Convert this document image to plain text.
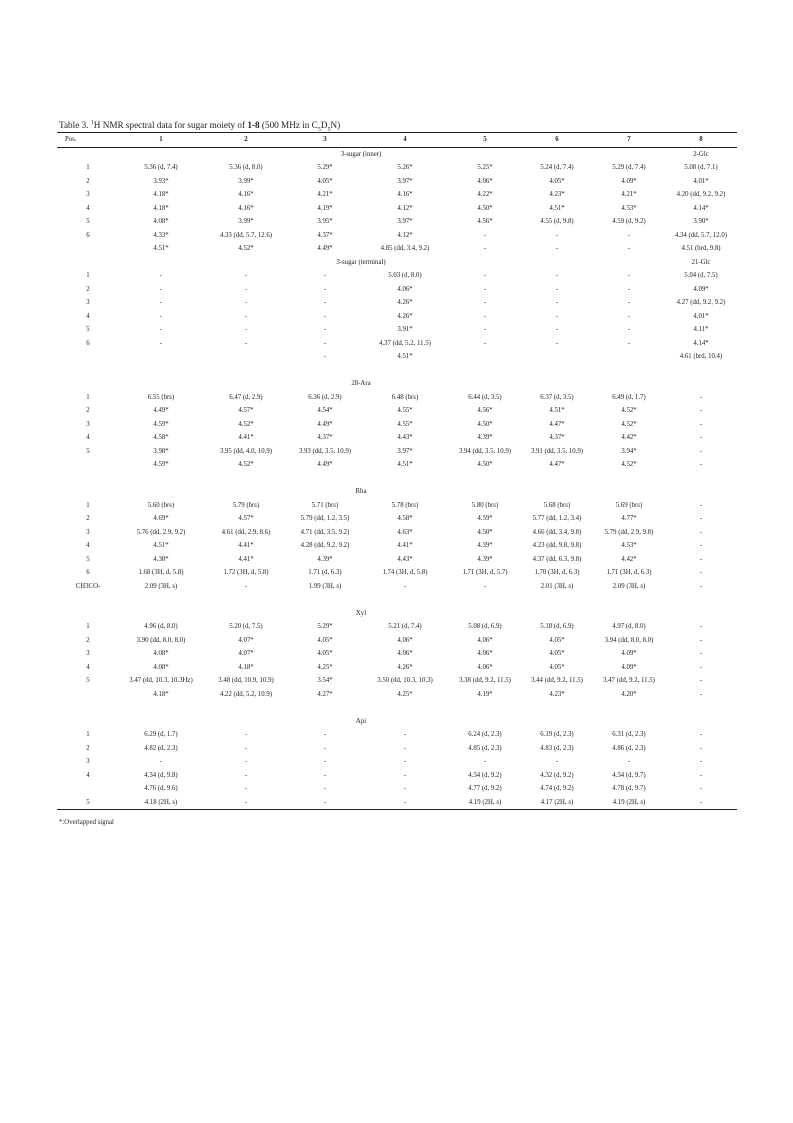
Table 3. $^1$H NMR spectral data for sugar moiety of 1-8 (500 MHz in $C_5D_5N$)
Pos.	1	2	3	4	5	6	7	8
3-sugar (inner)								2-Glc
1	5.36 (d, 7.4)	5.36 (d, 8.0)	5.29*	5.26*	5.25*	5.24 (d, 7.4)	5.29 (d, 7.4)	5.08 (d, 7.1)
2	3.93*	3.99*	4.05*	3.97*	4.06*	4.05*	4.09*	4.01*
3	4.18*	4.16*	4.21*	4.16*	4.22*	4.23*	4.21*	4.20 (dd, 9.2, 9.2)
4	4.18*	4.16*	4.19*	4.12*	4.50*	4.51*	4.53*	4.14*
5	4.08*	3.99*	3.95*	3.97*	4.56*	4.55 (d, 9.8)	4.59 (d, 9.2)	3.90*
6	4.33*	4.33 (dd, 5.7, 12.6)	4.37*	4.12*	-	-	-	4.34 (dd, 5.7, 12.0)
	4.51*	4.52*	4.49*	4.85 (dd, 3.4, 9.2)	-	-	-	4.51 (brd, 9.8)
3-sugar (terminal)								21-Glc
1	-	-	-	5.03 (d, 8.0)	-	-	-	5.04 (d, 7.5)
2	-	-	-	4.06*	-	-	-	4.09*
3	-	-	-	4.26*	-	-	-	4.27 (dd, 9.2, 9.2)
4	-	-	-	4.26*	-	-	-	4.01*
5	-	-	-	3.91*	-	-	-	4.11*
6	-	-	-	4.37 (dd, 5.2, 11.5)	-	-	-	4.14*
			-	4.51*				4.61 (brd, 10.4)

28-Ara								
1	6.55 (brs)	6.47 (d, 2.9)	6.36 (d, 2.9)	6.48 (brs)	6.44 (d, 3.5)	6.37 (d, 3.5)	6.49 (d, 1.7)	-
2	4.49*	4.57*	4.54*	4.55*	4.56*	4.51*	4.52*	-
3	4.59*	4.52*	4.49*	4.55*	4.50*	4.47*	4.52*	-
4	4.58*	4.41*	4.37*	4.43*	4.39*	4.37*	4.42*	-
5	3.98*	3.95 (dd, 4.0, 10.9)	3.93 (dd, 3.5, 10.9)	3.97*	3.94 (dd, 3.5, 10.9)	3.91 (dd, 3.5, 10.9)	3.94*	-
	4.59*	4.52*	4.49*	4.51*	4.50*	4.47*	4.52*	-

Rha								
1	5.60 (brs)	5.79 (brs)	5.71 (brs)	5.78 (brs)	5.80 (brs)	5.68 (brs)	5.69 (brs)	-
2	4.69*	4.57*	5.79 (dd, 1.2, 3.5)	4.58*	4.59*	5.77 (dd, 1.2, 3.4)	4.77*	-
3	5.76 (dd, 2.9, 9.2)	4.61 (dd, 2.9, 8.6)	4.71 (dd, 3.5, 9.2)	4.63*	4.50*	4.66 (dd, 3.4, 9.8)	5.79 (dd, 2.9, 9.8)	-
4	4.51*	4.41*	4.28 (dd, 9.2, 9.2)	4.41*	4.39*	4.23 (dd, 9.8, 9.8)	4.53*	-
5	4.38*	4.41*	4.39*	4.43*	4.39*	4.37 (dd, 6.3, 9.8)	4.42*	-
6	1.68 (3H, d, 5.8)	1.72 (3H, d, 5.8)	1.71 (d, 6.3)	1.74 (3H, d, 5.8)	1.71 (3H, d, 5.7)	1.70 (3H, d, 6.3)	1.71 (3H, d, 6.3)	-
CH3CO-	2.09 (3H, s)	-	1.99 (3H, s)	-	-	2.01 (3H, s)	2.09 (3H, s)	-

Xyl								
1	4.96 (d, 8.0)	5.20 (d, 7.5)	5.29*	5.21 (d, 7.4)	5.08 (d, 6.9)	5.18 (d, 6.9)	4.97 (d, 8.0)	-
2	3.90 (dd, 8.0, 8.0)	4.07*	4.05*	4.06*	4.06*	4.05*	3.94 (dd, 8.0, 8.0)	-
3	4.08*	4.07*	4.05*	4.06*	4.06*	4.05*	4.09*	-
4	4.08*	4.18*	4.25*	4.26*	4.06*	4.05*	4.09*	-
5	3.47 (dd, 10.3, 10.3Hz)	3.48 (dd, 10.9, 10.9)	3.54*	3.50 (dd, 10.3, 10.3)	3.38 (dd, 9.2, 11.5)	3.44 (dd, 9.2, 11.5)	3.47 (dd, 9.2, 11.5)	-
	4.18*	4.22 (dd, 5.2, 10.9)	4.27*	4.25*	4.19*	4.23*	4.20*	-

Api								
1	6.29 (d, 1.7)	-	-	-	6.24 (d, 2.3)	6.19 (d, 2.3)	6.31 (d, 2.3)	-
2	4.82 (d, 2.3)	-	-	-	4.85 (d, 2.3)	4.83 (d, 2.3)	4.86 (d, 2.3)	-
3	-	-	-	-	-	-	-	-
4	4.34 (d, 9.8)	-	-	-	4.34 (d, 9.2)	4.32 (d, 9.2)	4.34 (d, 9.7)	-
	4.76 (d, 9.6)	-	-	-	4.77 (d, 9.2)	4.74 (d, 9.2)	4.78 (d, 9.7)	-
5	4.18 (2H, s)	-	-	-	4.19 (2H, s)	4.17 (2H, s)	4.19 (2H, s)	-
*:Overlapped signal
